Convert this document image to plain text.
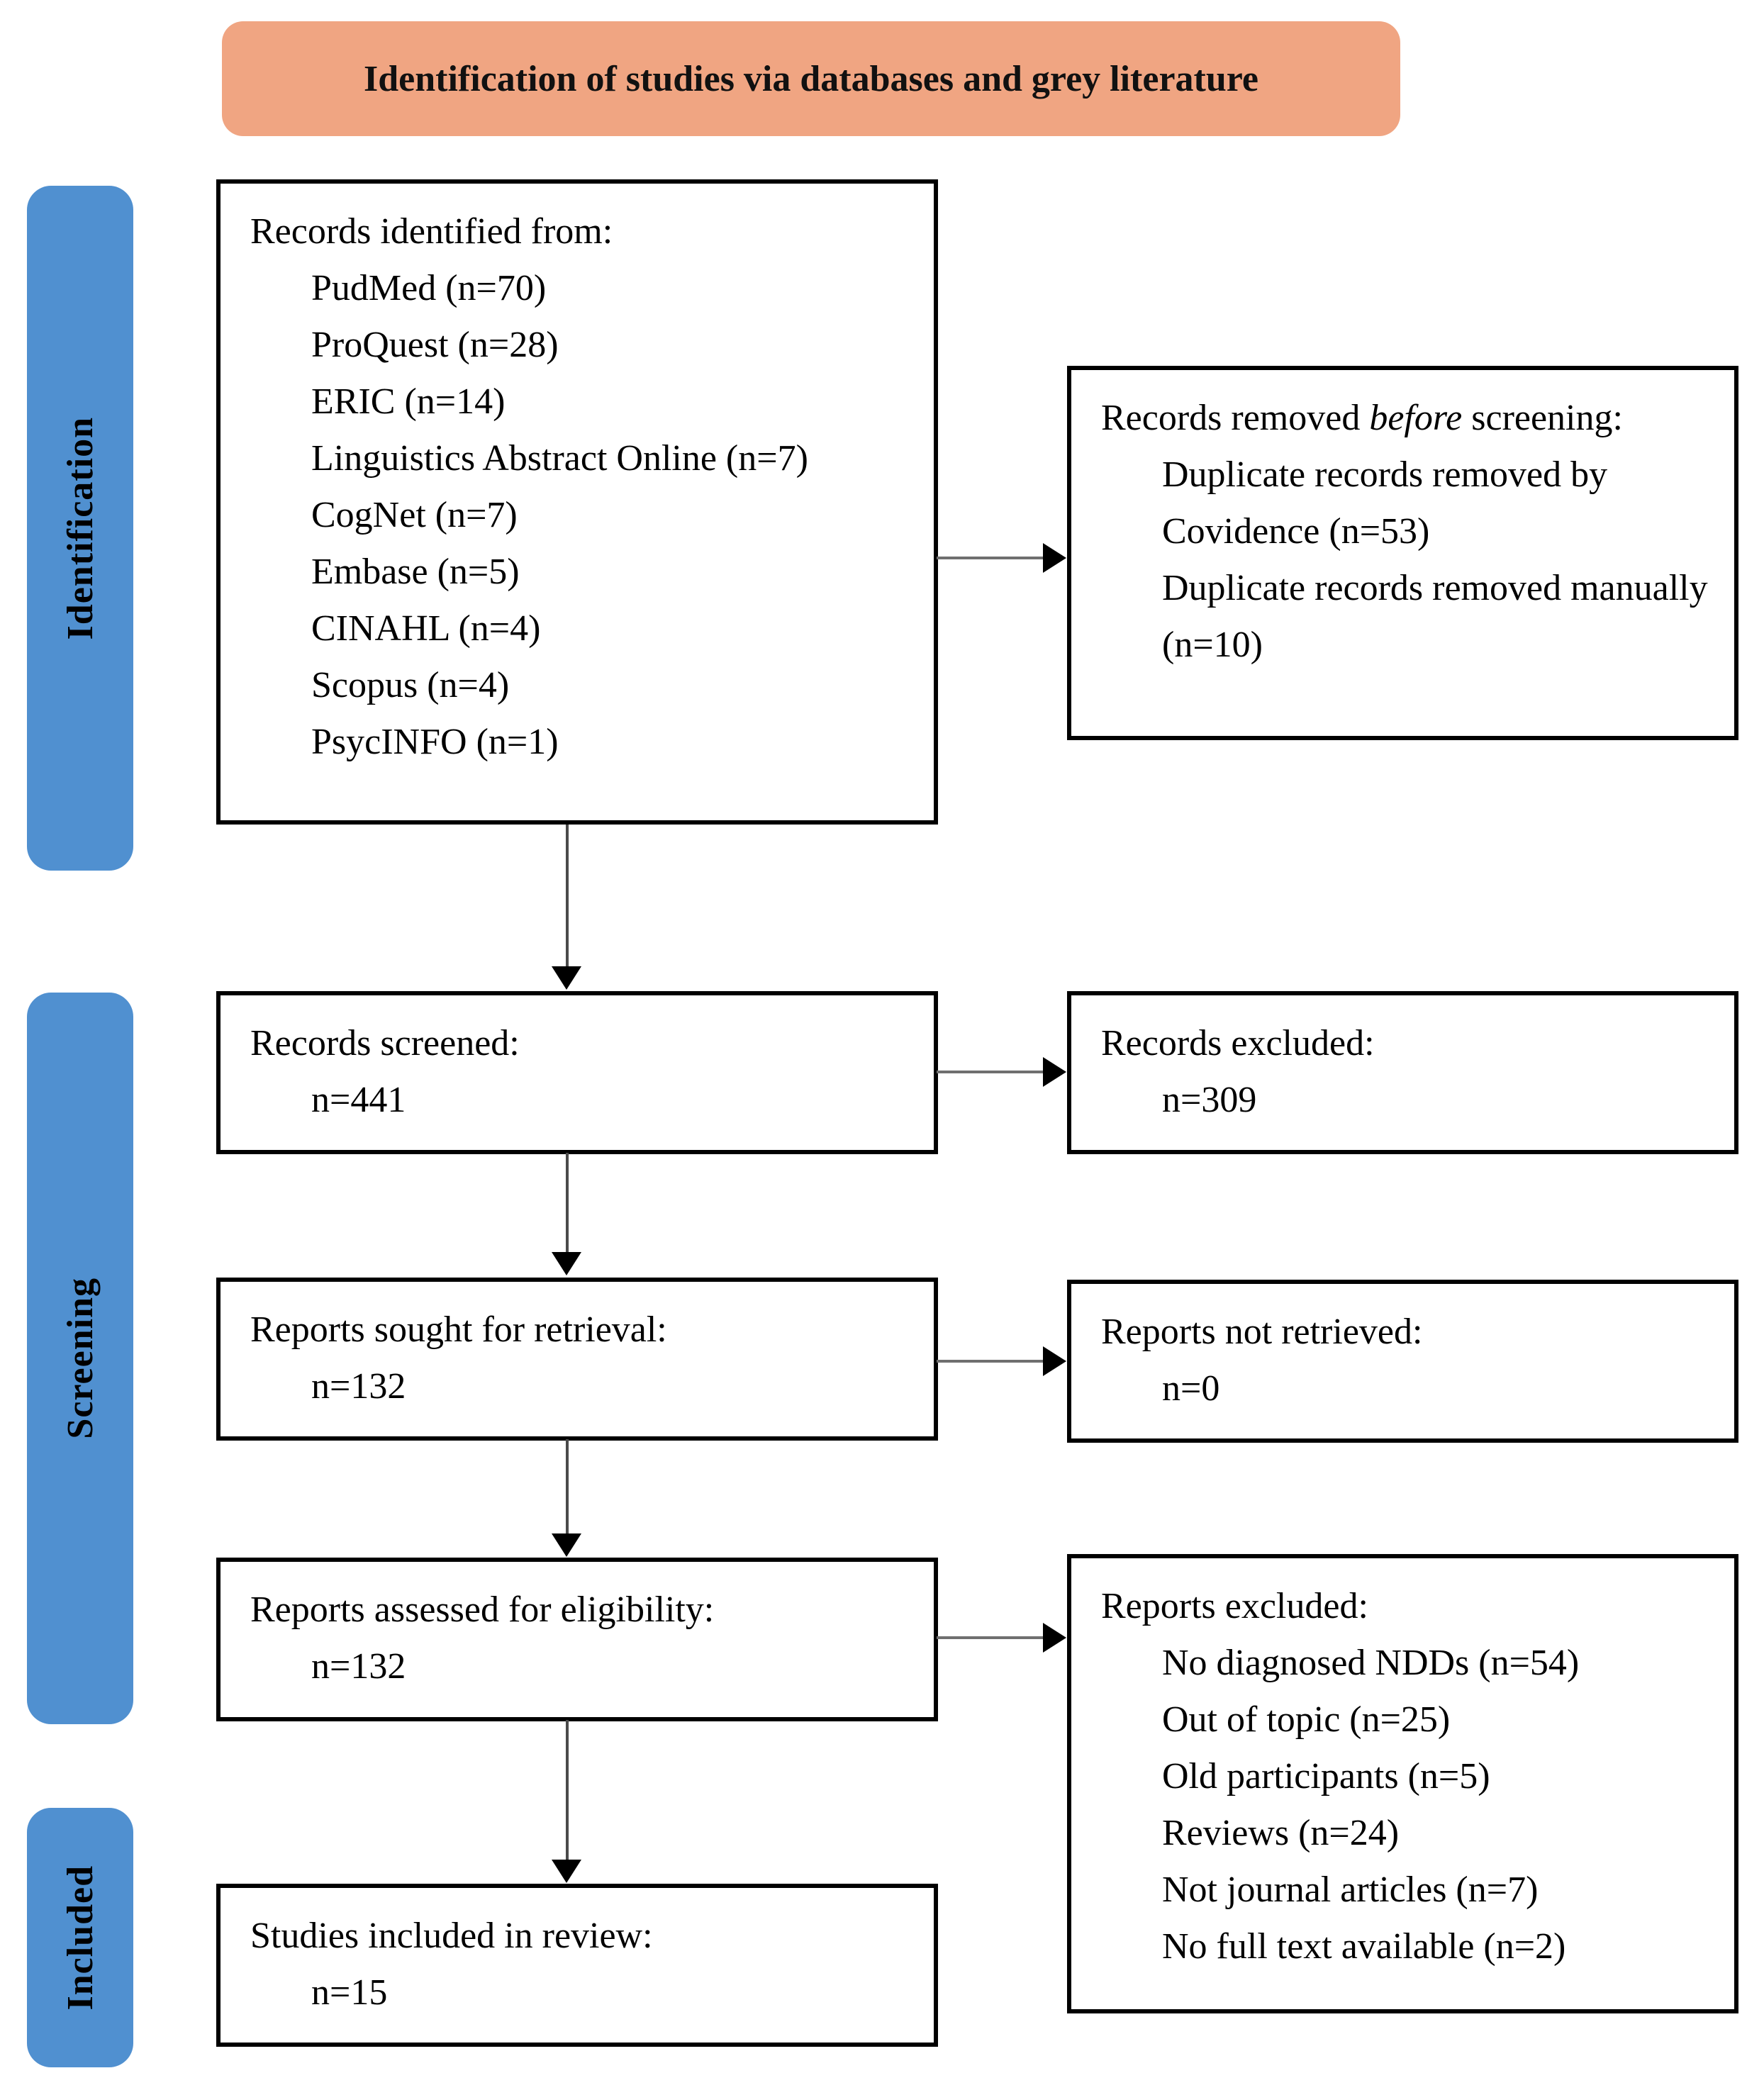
Identification of studies via databases and grey literature
Identification
Screening
Included
Records identified from:
PudMed (n=70)
ProQuest (n=28)
ERIC (n=14)
Linguistics Abstract Online (n=7)
CogNet (n=7)
Embase (n=5)
CINAHL (n=4)
Scopus (n=4)
PsycINFO (n=1)
Records removed before screening:
Duplicate records removed by Covidence (n=53)
Duplicate records removed manually (n=10)
Records screened:
n=441
Records excluded:
n=309
Reports sought for retrieval:
n=132
Reports not retrieved:
n=0
Reports assessed for eligibility:
n=132
Reports excluded:
No diagnosed NDDs (n=54)
Out of topic (n=25)
Old participants (n=5)
Reviews (n=24)
Not journal articles (n=7)
No full text available (n=2)
Studies included in review:
n=15
